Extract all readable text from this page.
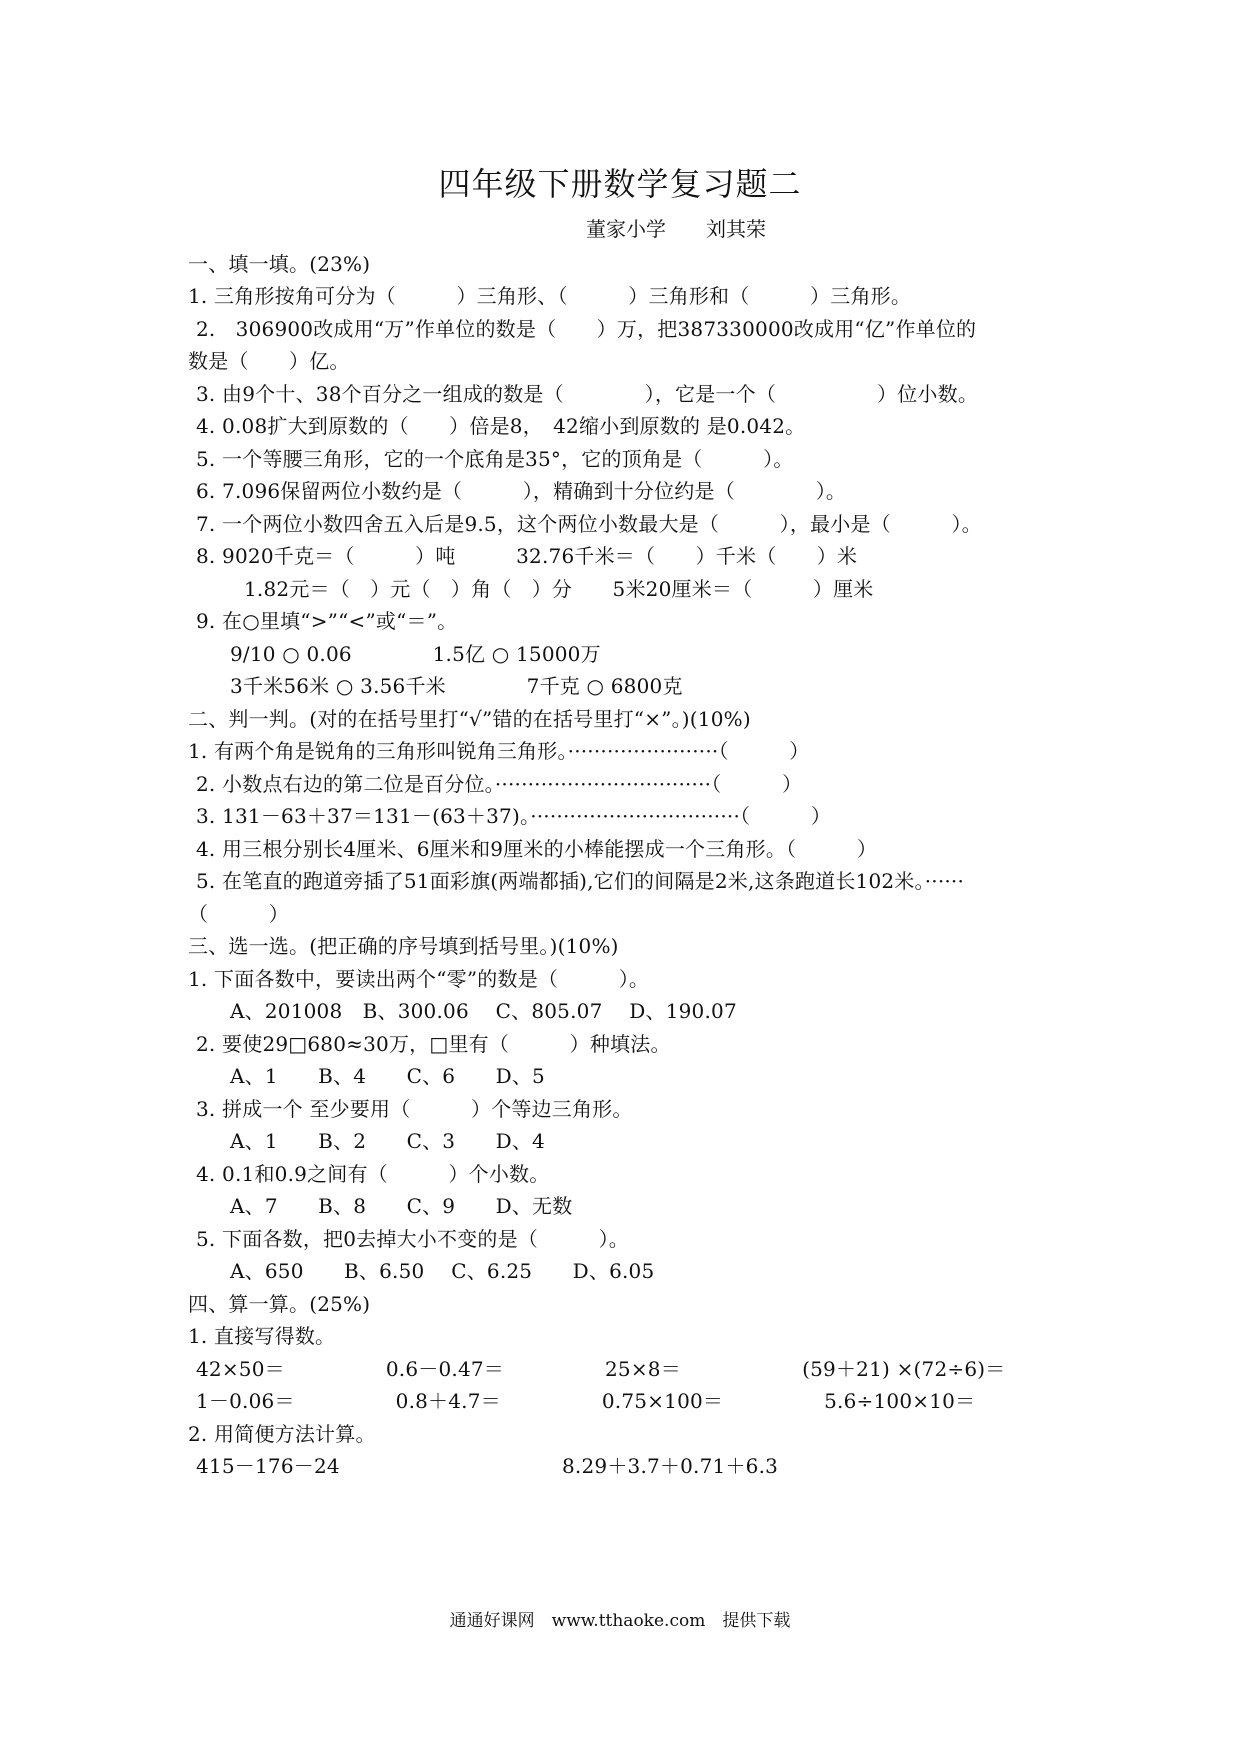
四年级下册数学复习题二
董家小学　　刘其荣
一、填一填。(23%)
1. 三角形按角可分为（　　　）三角形、（　　　）三角形和（　　　）三角形。
2.　306900改成用“万”作单位的数是（　　）万，把387330000改成用“亿”作单位的
数是（　　）亿。
3. 由9个十、38个百分之一组成的数是（　　　　），它是一个（　　　　　）位小数。
4. 0.08扩大到原数的（　　）倍是8，　42缩小到原数的 是0.042。
5. 一个等腰三角形，它的一个底角是35°，它的顶角是（　　　）。
6. 7.096保留两位小数约是（　　　），精确到十分位约是（　　　　）。
7. 一个两位小数四舍五入后是9.5，这个两位小数最大是（　　　），最小是（　　　）。
8. 9020千克＝（　　　）吨　　　32.76千米＝（　　）千米（　　）米
1.82元＝（　）元（　）角（　）分　　5米20厘米＝（　　　）厘米
9. 在○里填“>”“<”或“＝”。
9/10 ○ 0.06　　　　1.5亿 ○ 15000万
3千米56米 ○ 3.56千米　　　　7千克 ○ 6800克
二、判一判。(对的在括号里打“√”错的在括号里打“×”。)(10%)
1. 有两个角是锐角的三角形叫锐角三角形。·······················（　　　）
2. 小数点右边的第二位是百分位。·································（　　　）
3. 131－63＋37＝131－(63＋37)。································（　　　）
4. 用三根分别长4厘米、6厘米和9厘米的小棒能摆成一个三角形。（　　　）
5. 在笔直的跑道旁插了51面彩旗(两端都插),它们的间隔是2米,这条跑道长102米。······
（　　　）
三、选一选。(把正确的序号填到括号里。)(10%)
1. 下面各数中，要读出两个“零”的数是（　　　）。
A、201008　B、300.06　 C、805.07　 D、190.07
2. 要使29□680≈30万，□里有（　　　）种填法。
A、1　　B、4　　C、6　　D、5
3. 拼成一个 至少要用（　　　）个等边三角形。
A、1　　B、2　　C、3　　D、4
4. 0.1和0.9之间有（　　　）个小数。
A、7　　B、8　　C、9　　D、无数
5. 下面各数，把0去掉大小不变的是（　　　）。
A、650　　B、6.50　 C、6.25　　D、6.05
四、算一算。(25%)
1. 直接写得数。
42×50＝　　　　　0.6－0.47＝　　　　　25×8＝　　　　　　(59＋21) ×(72÷6)＝
1－0.06＝　　　　　0.8＋4.7＝　　　　　0.75×100＝　　　　　5.6÷100×10＝
2. 用简便方法计算。
415－176－24　　　　　　　　　　　8.29＋3.7＋0.71＋6.3
通通好课网　www.tthaoke.com　提供下载
